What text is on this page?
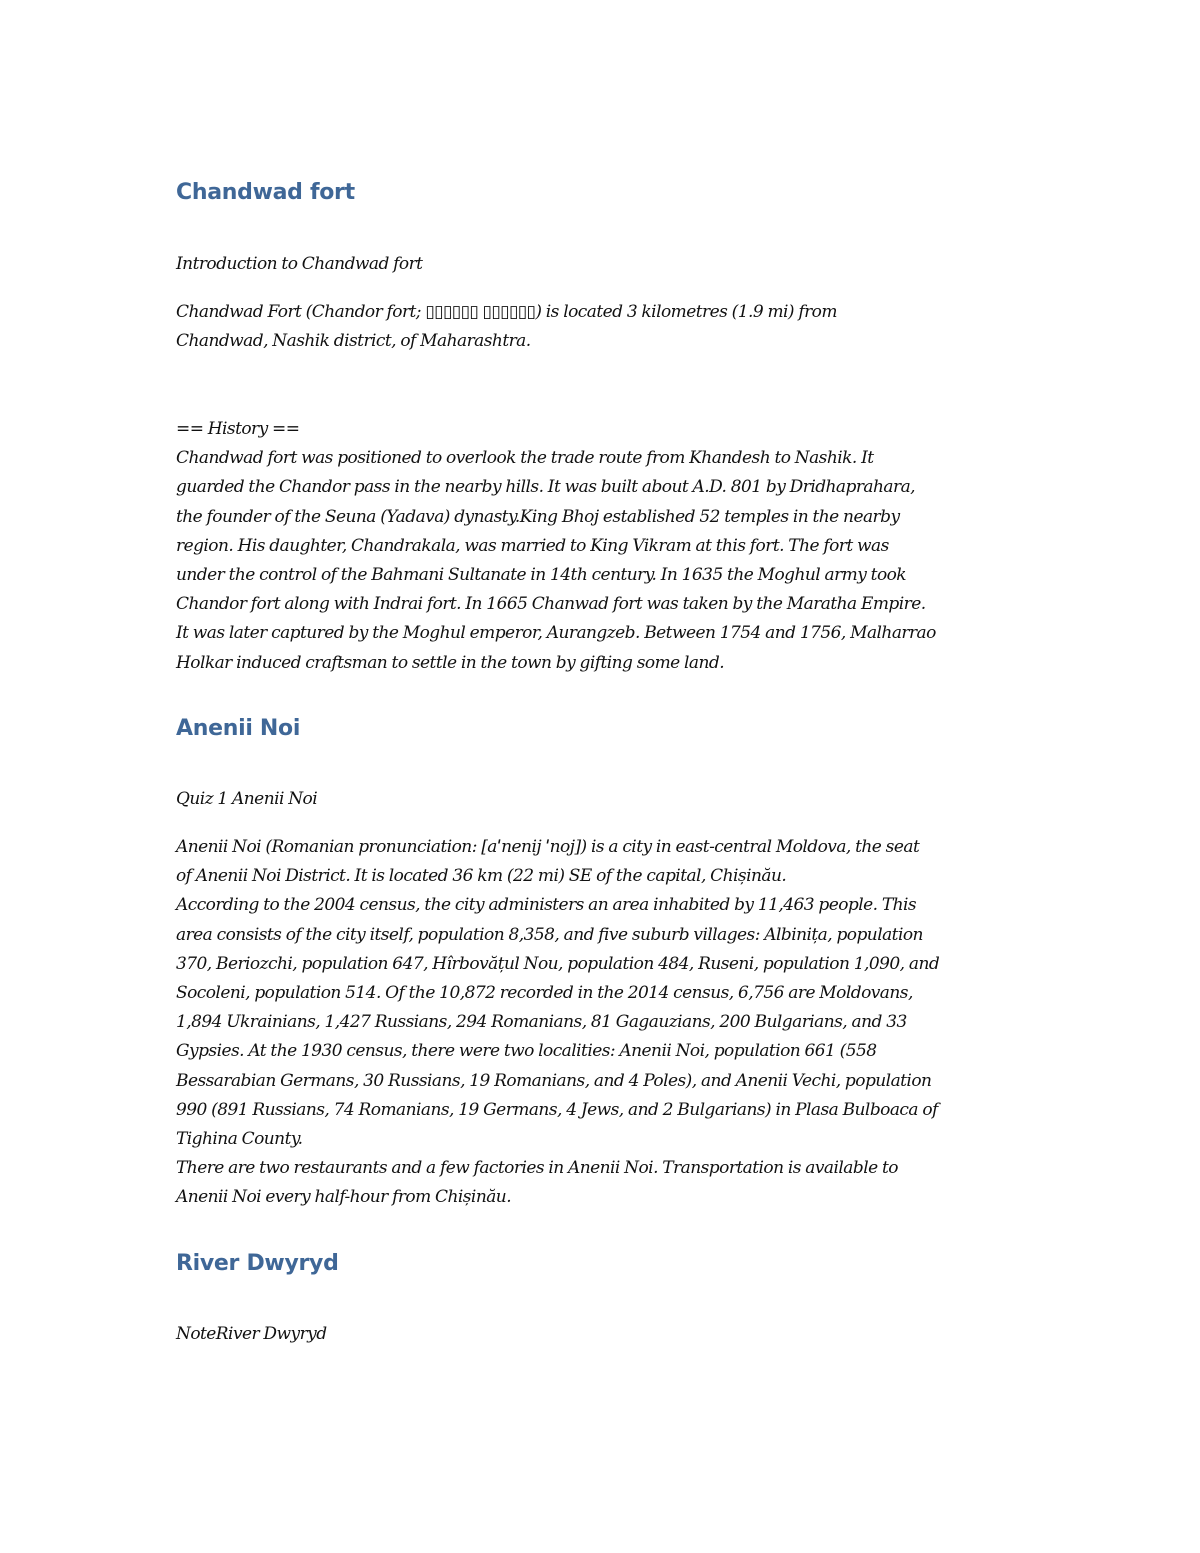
Chandwad fort

Introduction to Chandwad fort

Chandwad Fort (Chandor fort; ▯▯▯▯▯▯ ▯▯▯▯▯▯) is located 3 kilometres (1.9 mi) from
Chandwad, Nashik district, of Maharashtra.

== History ==
Chandwad fort was positioned to overlook the trade route from Khandesh to Nashik. It
guarded the Chandor pass in the nearby hills. It was built about A.D. 801 by Dridhaprahara,
the founder of the Seuna (Yadava) dynasty.King Bhoj established 52 temples in the nearby
region. His daughter, Chandrakala, was married to King Vikram at this fort. The fort was
under the control of the Bahmani Sultanate in 14th century. In 1635 the Moghul army took
Chandor fort along with Indrai fort. In 1665 Chanwad fort was taken by the Maratha Empire.
It was later captured by the Moghul emperor, Aurangzeb. Between 1754 and 1756, Malharrao
Holkar induced craftsman to settle in the town by gifting some land.

Anenii Noi

Quiz 1 Anenii Noi

Anenii Noi (Romanian pronunciation: [aˈnenij ˈnoj]) is a city in east-central Moldova, the seat
of Anenii Noi District. It is located 36 km (22 mi) SE of the capital, Chișinău.
According to the 2004 census, the city administers an area inhabited by 11,463 people. This
area consists of the city itself, population 8,358, and five suburb villages: Albinița, population
370, Beriozchi, population 647, Hîrbovățul Nou, population 484, Ruseni, population 1,090, and
Socoleni, population 514. Of the 10,872 recorded in the 2014 census, 6,756 are Moldovans,
1,894 Ukrainians, 1,427 Russians, 294 Romanians, 81 Gagauzians, 200 Bulgarians, and 33
Gypsies. At the 1930 census, there were two localities: Anenii Noi, population 661 (558
Bessarabian Germans, 30 Russians, 19 Romanians, and 4 Poles), and Anenii Vechi, population
990 (891 Russians, 74 Romanians, 19 Germans, 4 Jews, and 2 Bulgarians) in Plasa Bulboaca of
Tighina County.
There are two restaurants and a few factories in Anenii Noi. Transportation is available to
Anenii Noi every half-hour from Chișinău.

River Dwyryd

NoteRiver Dwyryd
